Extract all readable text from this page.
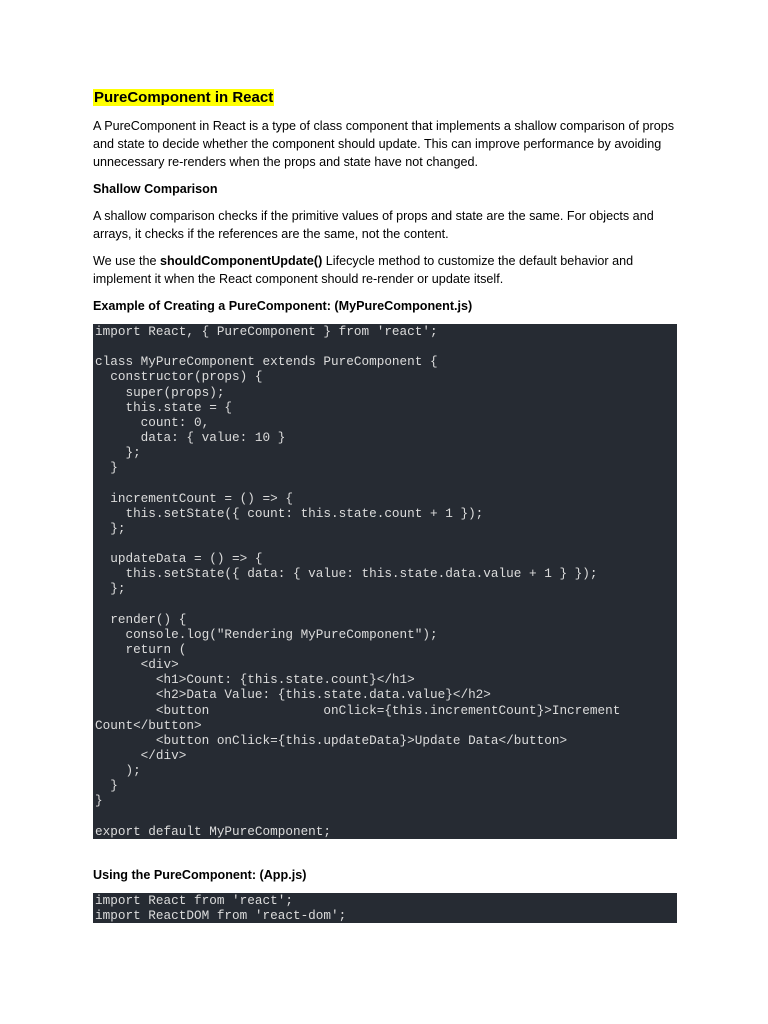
PureComponent in React

A PureComponent in React is a type of class component that implements a shallow comparison of props and state to decide whether the component should update. This can improve performance by avoiding unnecessary re-renders when the props and state have not changed.

Shallow Comparison

A shallow comparison checks if the primitive values of props and state are the same. For objects and arrays, it checks if the references are the same, not the content.

We use the shouldComponentUpdate() Lifecycle method to customize the default behavior and implement it when the React component should re-render or update itself.

Example of Creating a PureComponent: (MyPureComponent.js)

import React, { PureComponent } from 'react';
class MyPureComponent extends PureComponent {
constructor(props) {
super(props);
this.state = {
count: 0,
data: { value: 10 }
};
}
incrementCount = () => {
this.setState({ count: this.state.count + 1 });
};
updateData = () => {
this.setState({ data: { value: this.state.data.value + 1 } });
};
render() {
console.log("Rendering MyPureComponent");
return (
<div>
<h1>Count: {this.state.count}</h1>
<h2>Data Value: {this.state.data.value}</h2>
<button               onClick={this.incrementCount}>Increment
Count</button>
<button onClick={this.updateData}>Update Data</button>
</div>
);
}
}
export default MyPureComponent;

Using the PureComponent: (App.js)

import React from 'react';
import ReactDOM from 'react-dom';
